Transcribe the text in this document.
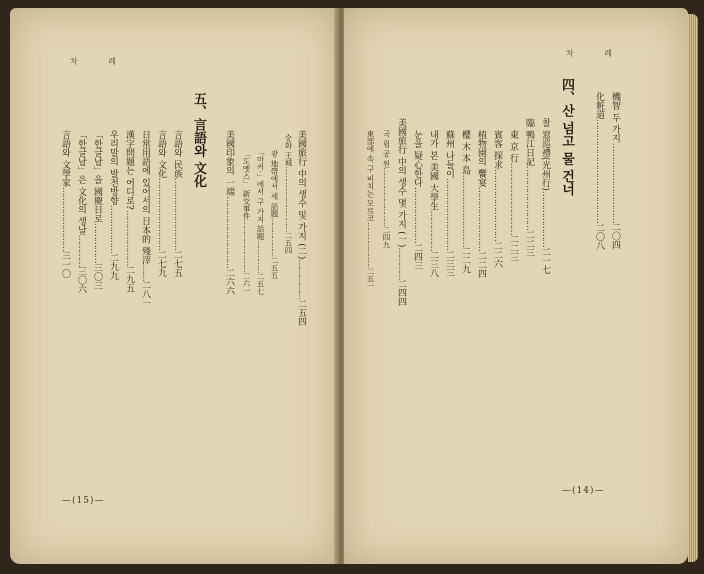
차 례
—(15)—
美國旅行 中의 생수 및 가지 (二)……………二五四
숭화 王城…………………………二五四
광 地帶에서 세 話題………………二五五
「마커·」에서 구 가지 話題……………二五七
「도멧스」 新交事件……………………二六一
美國印象의 一端………………………二六六
五、言語와 文化
言語와 民族………………………二七五
言語와 文化………………………二七九
日常用語에 있어서의 日本的 殘滓……二八一
漢字問題는 어디로?…………………二九五
우리말의 발전방향………………二九九
「한글날」을 國慶日로……………三〇三
「한글날」은 文化의 생날…………三〇六
言語와 文學家……………………三一〇
차 례
—(14)—
機智 두 가지…………………………二〇四
化粧道…………………………………二〇八
四、산 넘고 물 건너
찰 窓巡禮(光州行)…………………二一七
臨 鴨江日記……………………二二三
東 京 行………………………二二三
賓客 探求………………………二二六
植物園의 饗宴……………………二二四
櫻 木 本 島………………………二二九
蘇州 나들이………………………二三三
내가 본 美國 大學生……………二三八
눈을 疑心한다…………………二四三
美國旅行 中의 생수 몇 가지 (一)…………二四四
국 립 공 원………………………二四九
東部에 속 구 비치는 모르코…………………二五一
